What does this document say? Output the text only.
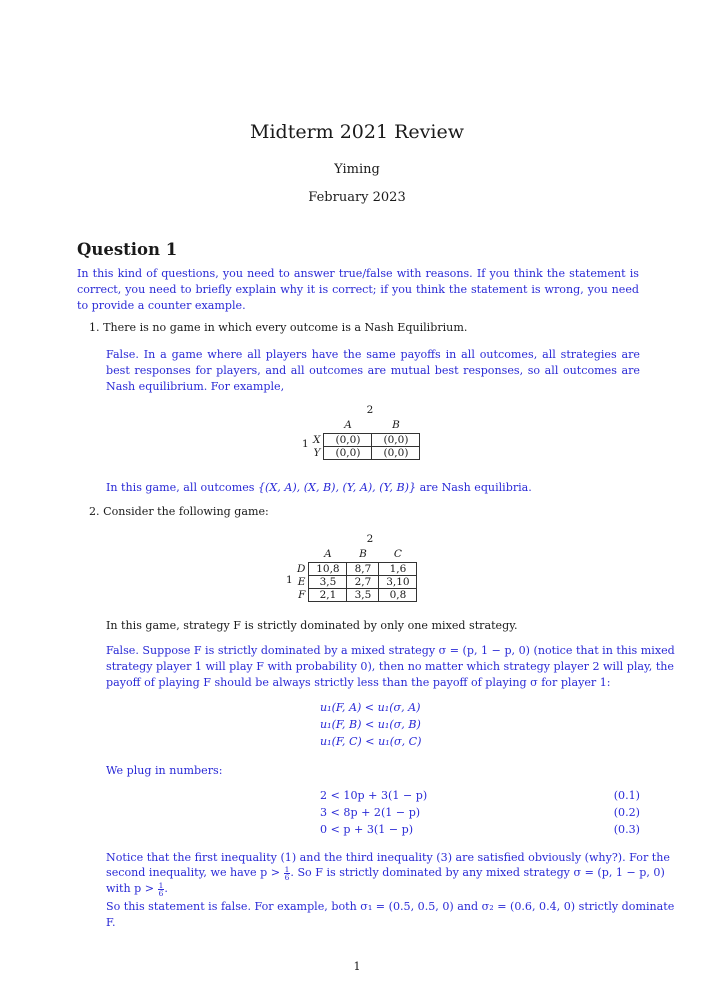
Midterm 2021 Review
Yiming
February 2023
Question 1
In this kind of questions, you need to answer true/false with reasons. If you think the statement is correct, you need to briefly explain why it is correct; if you think the statement is wrong, you need to provide a counter example.
1. There is no game in which every outcome is a Nash Equilibrium.
False. In a game where all players have the same payoffs in all outcomes, all strategies are best responses for players, and all outcomes are mutual best responses, so all outcomes are Nash equilibrium. For example,
2
1
	A	B
X	(0,0)	(0,0)
Y	(0,0)	(0,0)
In this game, all outcomes {(X, A), (X, B), (Y, A), (Y, B)} are Nash equilibria.
2. Consider the following game:
2
1
	A	B	C
D	10,8	8,7	1,6
E	3,5	2,7	3,10
F	2,1	3,5	0,8
In this game, strategy F is strictly dominated by only one mixed strategy.
False. Suppose F is strictly dominated by a mixed strategy σ = (p, 1 − p, 0) (notice that in this mixed
strategy player 1 will play F with probability 0), then no matter which strategy player 2 will play, the
payoff of playing F should be always strictly less than the payoff of playing σ for player 1:
u₁(F, A) < u₁(σ, A)
u₁(F, B) < u₁(σ, B)
u₁(F, C) < u₁(σ, C)
We plug in numbers:
2 < 10p + 3(1 − p)	(0.1)
3 < 8p + 2(1 − p)	(0.2)
0 < p + 3(1 − p)	(0.3)
Notice that the first inequality (1) and the third inequality (3) are satisfied obviously (why?). For the
second inequality, we have $p > \frac{1}{6}$ . So F is strictly dominated by any mixed strategy σ = (p, 1 − p, 0)
with $p > \frac{1}{6}$ .
So this statement is false. For example, both σ₁ = (0.5, 0.5, 0) and σ₂ = (0.6, 0.4, 0) strictly dominate
F.
1
